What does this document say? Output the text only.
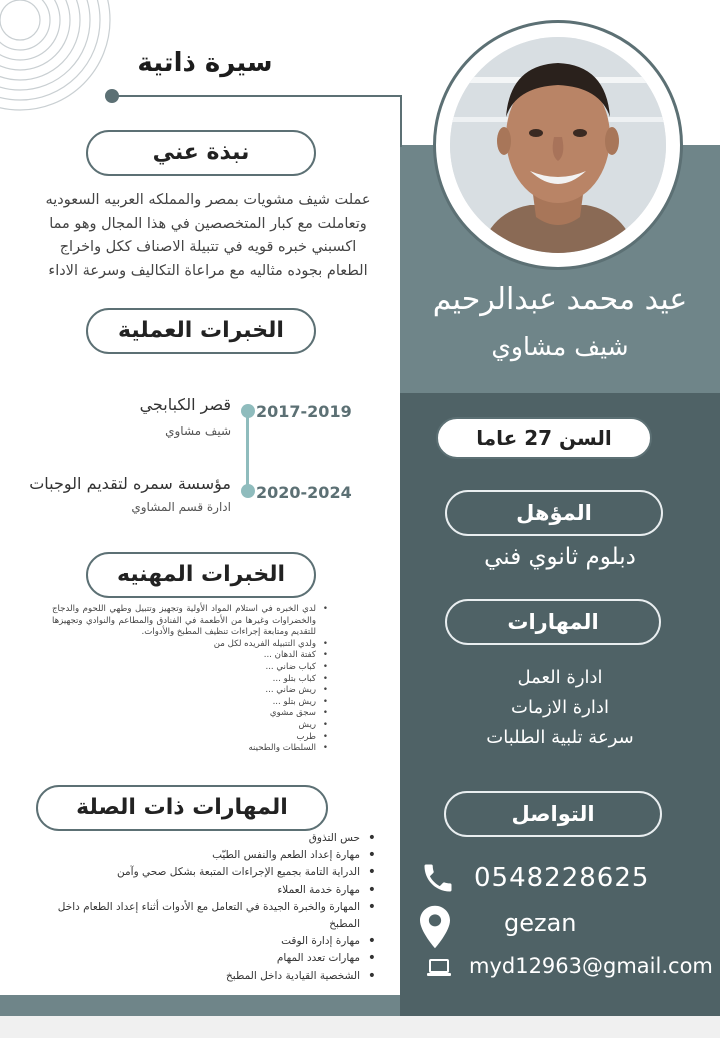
سيرة ذاتية
نبذة عني
عملت شيف مشويات بمصر والمملكه العربيه السعوديه وتعاملت مع كبار المتخصصين في هذا المجال وهو مما اكسبني خبره قويه في تتبيلة الاصناف ككل واخراج الطعام بجوده مثاليه مع مراعاة التكاليف وسرعة الاداء
عيد محمد عبدالرحيم
شيف مشاوي
الخبرات العملية
2017-2019
قصر الكبابجي
شيف مشاوي
2020-2024
مؤسسة سمره لتقديم الوجبات
ادارة قسم المشاوي
الخبرات المهنيه
• لدي الخبره في استلام المواد الأولية وتجهيز وتتبيل وطهي اللحوم والدجاج والخضراوات وغيرها من الأطعمة في الفنادق والمطاعم والنوادي وتجهيزها للتقديم ومتابعة إجراءات تنظيف المطبخ والأدوات.
• ولدي التتبيله الفريده لكل من
• كفتة الدهان ...
• كباب ضاني ...
• كباب بتلو ...
• ريش ضاني ...
• ريش بتلو ...
• سجق مشوي
• ريش
• طرب
• السلطات والطحينه
المهارات ذات الصلة
• حس التذوق
• مهارة إعداد الطعم والنفس الطيّب
• الدراية التامة بجميع الإجراءات المتبعة بشكل صحي وآمن
• مهارة خدمة العملاء
• المهارة والخبرة الجيدة في التعامل مع الأدوات أثناء إعداد الطعام داخل المطبخ
• مهارة إدارة الوقت
• مهارات تعدد المهام
• الشخصية القيادية داخل المطبخ
السن 27 عاما
المؤهل
دبلوم ثانوي فني
المهارات
ادارة العمل
ادارة الازمات
سرعة تلبية الطلبات
التواصل
0548228625
gezan
myd12963@gmail.com
